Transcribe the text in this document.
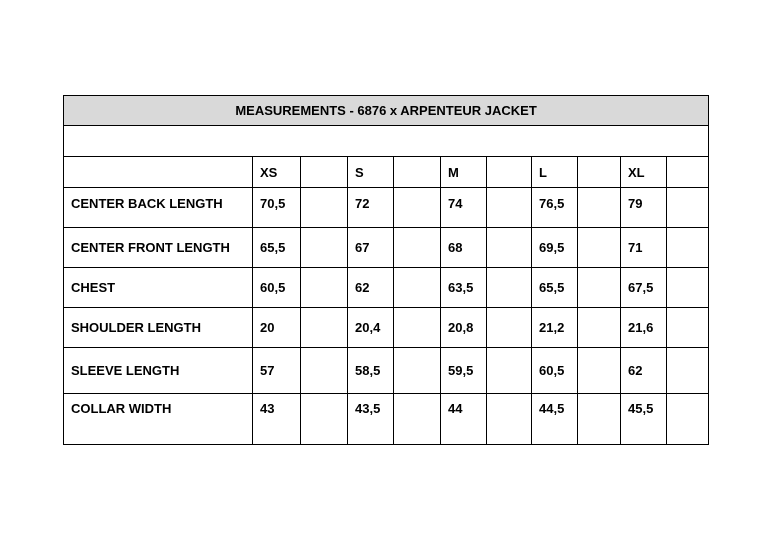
MEASUREMENTS - 6876 x ARPENTEUR JACKET										

	XS		S		M		L		XL	
CENTER BACK LENGTH	70,5		72		74		76,5		79	
CENTER FRONT LENGTH	65,5		67		68		69,5		71	
CHEST	60,5		62		63,5		65,5		67,5	
SHOULDER LENGTH	20		20,4		20,8		21,2		21,6	
SLEEVE LENGTH	57		58,5		59,5		60,5		62	
COLLAR WIDTH	43		43,5		44		44,5		45,5	
